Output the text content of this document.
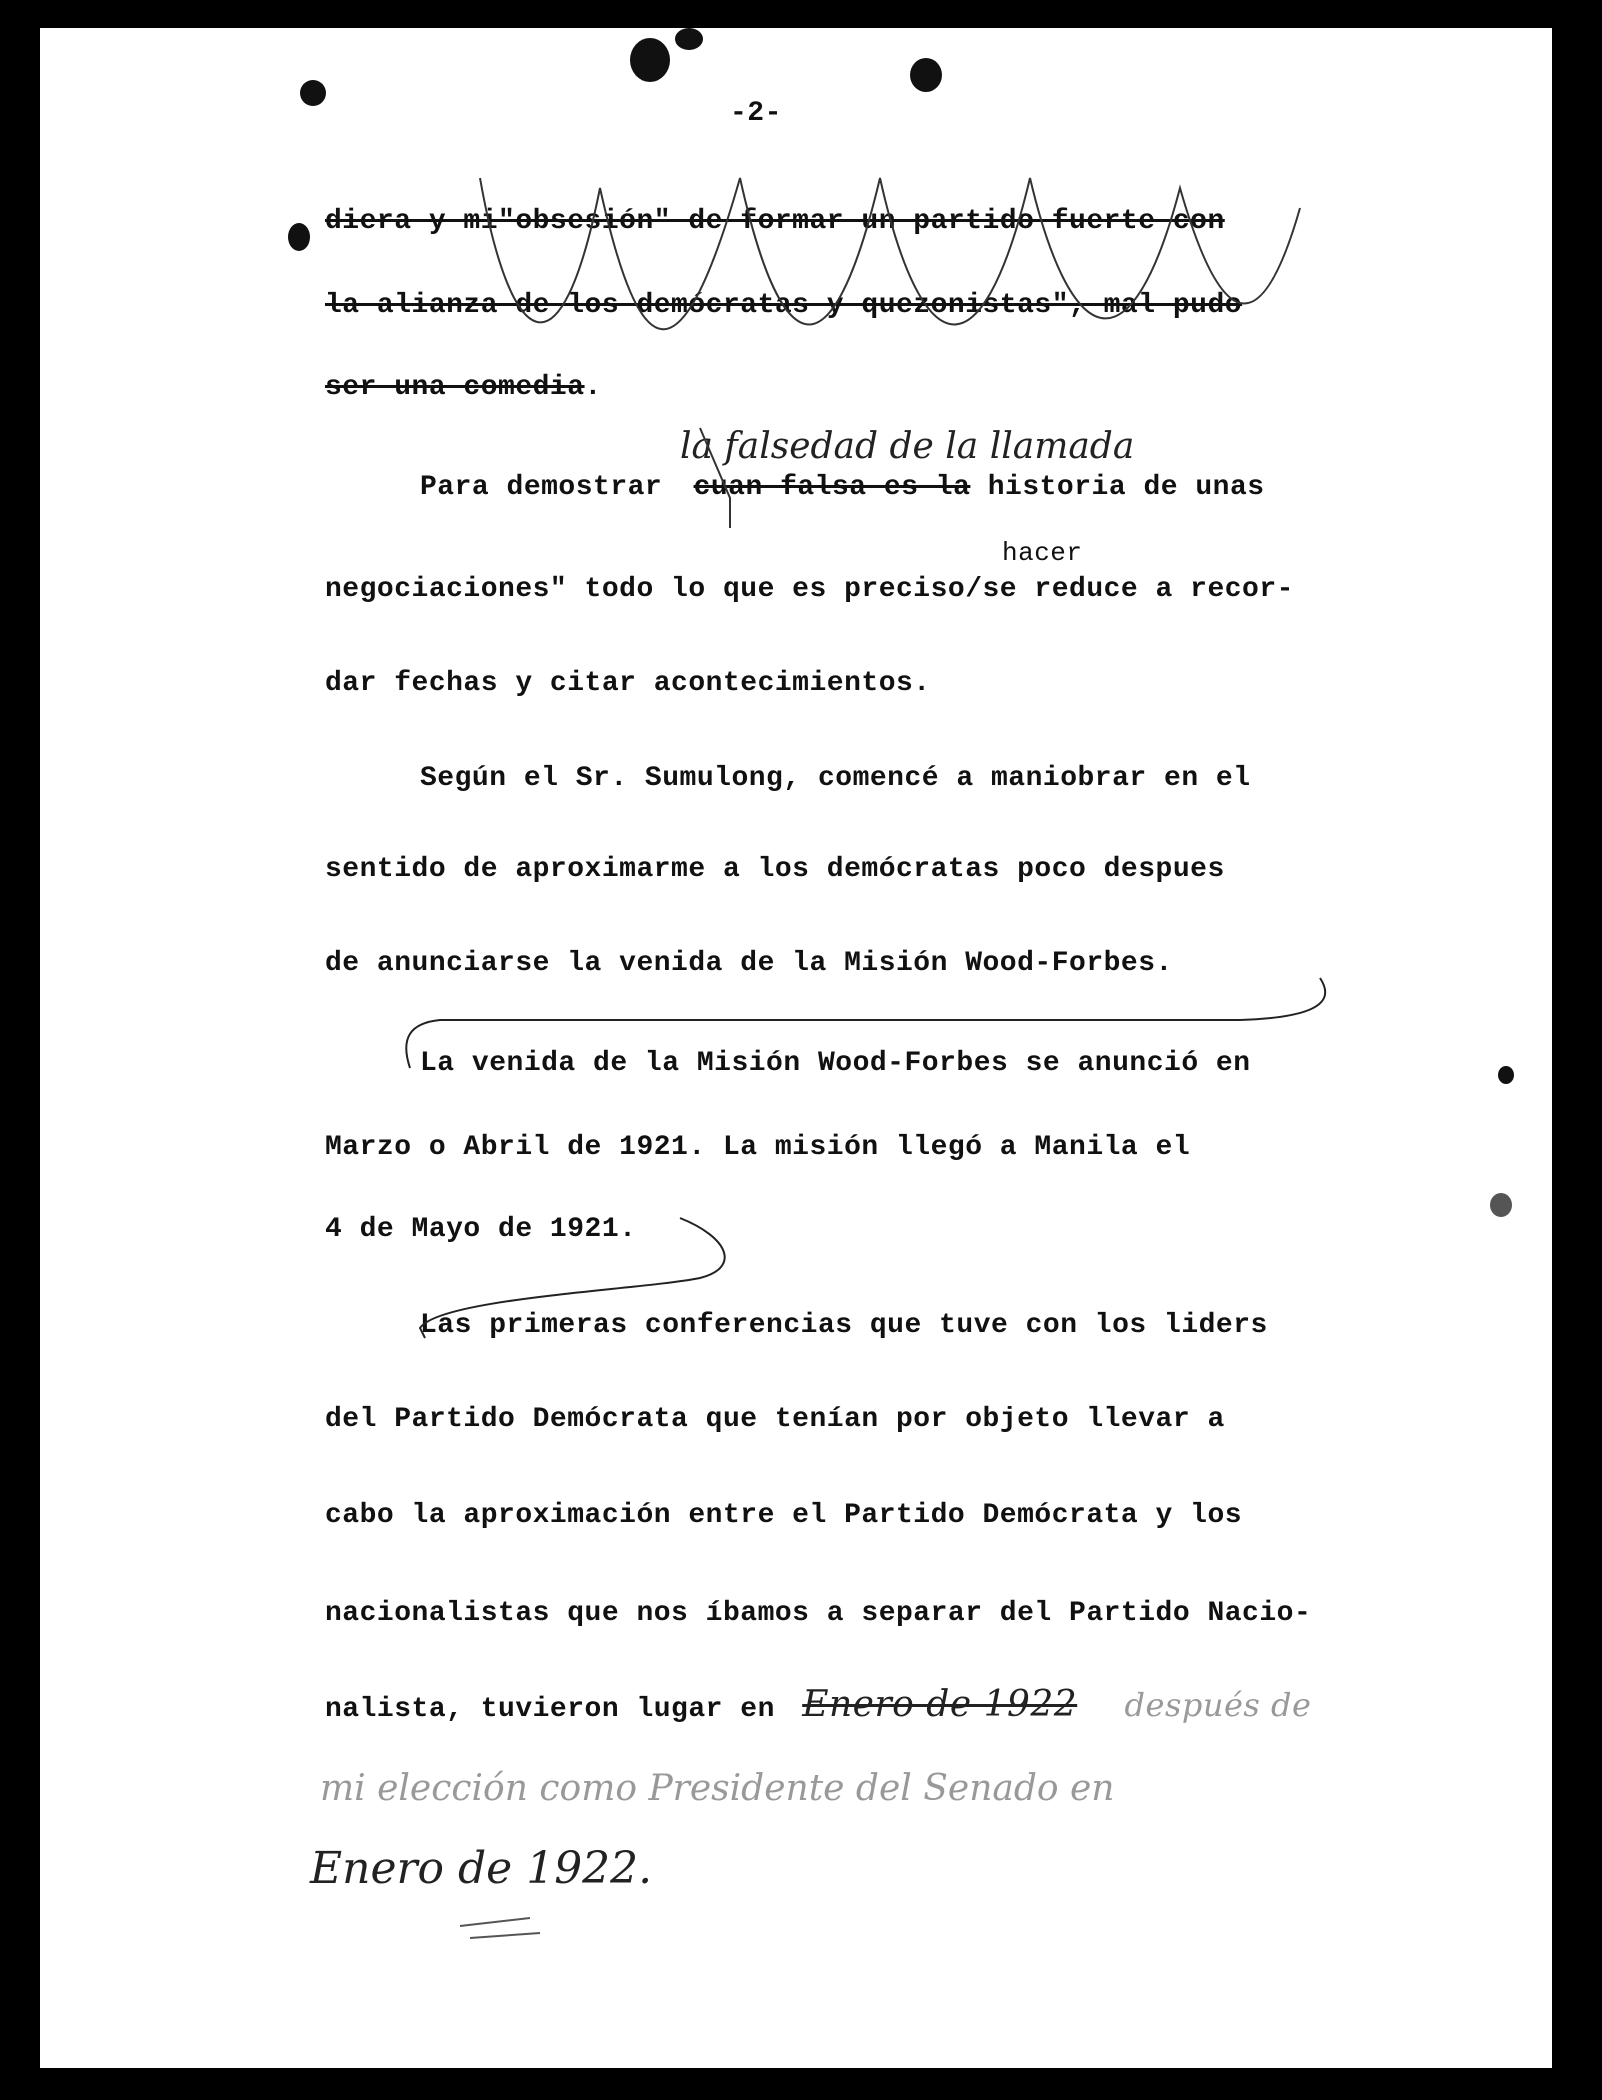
-2-
diera y mi"obsesión" de formar un partido fuerte con
la alianza de los demócratas y quezonistas", mal pudo
ser una comedia.
la falsedad de la llamada
Para demostrar cuan falsa es la historia de unas
hacer
negociaciones" todo lo que es preciso/se reduce a recor-
dar fechas y citar acontecimientos.
Según el Sr. Sumulong, comencé a maniobrar en el
sentido de aproximarme a los demócratas poco despues
de anunciarse la venida de la Misión Wood-Forbes.
La venida de la Misión Wood-Forbes se anunció en
Marzo o Abril de 1921. La misión llegó a Manila el
4 de Mayo de 1921.
Las primeras conferencias que tuve con los liders
del Partido Demócrata que tenían por objeto llevar a
cabo la aproximación entre el Partido Demócrata y los
nacionalistas que nos íbamos a separar del Partido Nacio-
nalista, tuvieron lugar en Enero de 1922 después de
mi elección como Presidente del Senado en
Enero de 1922.
